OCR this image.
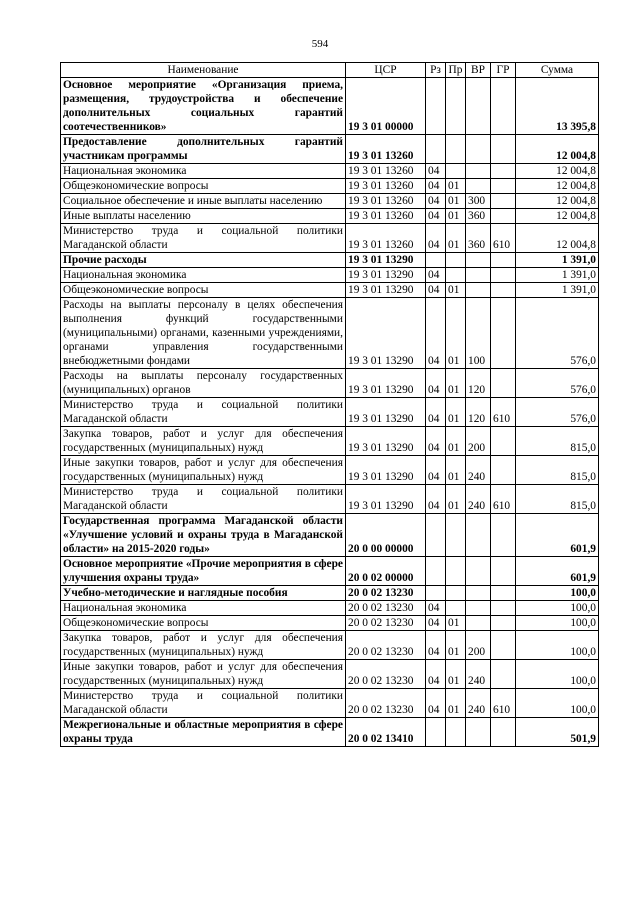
594
Наименование	ЦСР	Рз	Пр	ВР	ГР	Сумма
Основное мероприятие «Организация приема, размещения, трудоустройства и обеспечение дополнительных социальных гарантий соотечественников»	19 3 01 00000					13 395,8
Предоставление дополнительных гарантий участникам программы	19 3 01 13260					12 004,8
Национальная экономика	19 3 01 13260	04				12 004,8
Общеэкономические вопросы	19 3 01 13260	04	01			12 004,8
Социальное обеспечение и иные выплаты населению	19 3 01 13260	04	01	300		12 004,8
Иные выплаты населению	19 3 01 13260	04	01	360		12 004,8
Министерство труда и социальной политики Магаданской области	19 3 01 13260	04	01	360	610	12 004,8
Прочие расходы	19 3 01 13290					1 391,0
Национальная экономика	19 3 01 13290	04				1 391,0
Общеэкономические вопросы	19 3 01 13290	04	01			1 391,0
Расходы на выплаты персоналу в целях обеспечения выполнения функций государственными (муниципальными) органами, казенными учреждениями, органами управления государственными внебюджетными фондами	19 3 01 13290	04	01	100		576,0
Расходы на выплаты персоналу государственных (муниципальных) органов	19 3 01 13290	04	01	120		576,0
Министерство труда и социальной политики Магаданской области	19 3 01 13290	04	01	120	610	576,0
Закупка товаров, работ и услуг для обеспечения государственных (муниципальных) нужд	19 3 01 13290	04	01	200		815,0
Иные закупки товаров, работ и услуг для обеспечения государственных (муниципальных) нужд	19 3 01 13290	04	01	240		815,0
Министерство труда и социальной политики Магаданской области	19 3 01 13290	04	01	240	610	815,0
Государственная программа Магаданской области «Улучшение условий и охраны труда в Магаданской области» на 2015-2020 годы»	20 0 00 00000					601,9
Основное мероприятие «Прочие мероприятия в сфере улучшения охраны труда»	20 0 02 00000					601,9
Учебно-методические и наглядные пособия	20 0 02 13230					100,0
Национальная экономика	20 0 02 13230	04				100,0
Общеэкономические вопросы	20 0 02 13230	04	01			100,0
Закупка товаров, работ и услуг для обеспечения государственных (муниципальных) нужд	20 0 02 13230	04	01	200		100,0
Иные закупки товаров, работ и услуг для обеспечения государственных (муниципальных) нужд	20 0 02 13230	04	01	240		100,0
Министерство труда и социальной политики Магаданской области	20 0 02 13230	04	01	240	610	100,0
Межрегиональные и областные мероприятия в сфере охраны труда	20 0 02 13410					501,9
